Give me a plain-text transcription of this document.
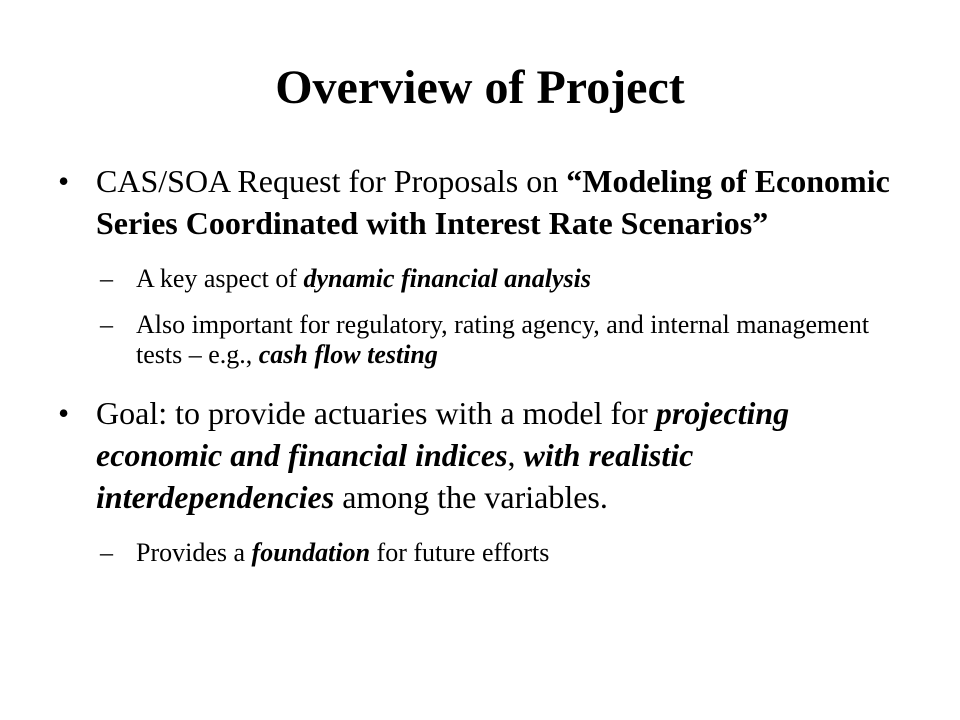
Overview of Project
• CAS/SOA Request for Proposals on “Modeling of Economic Series Coordinated with Interest Rate Scenarios”
– A key aspect of dynamic financial analysis
– Also important for regulatory, rating agency, and internal management tests – e.g., cash flow testing
• Goal: to provide actuaries with a model for projecting economic and financial indices, with realistic interdependencies among the variables.
– Provides a foundation for future efforts
